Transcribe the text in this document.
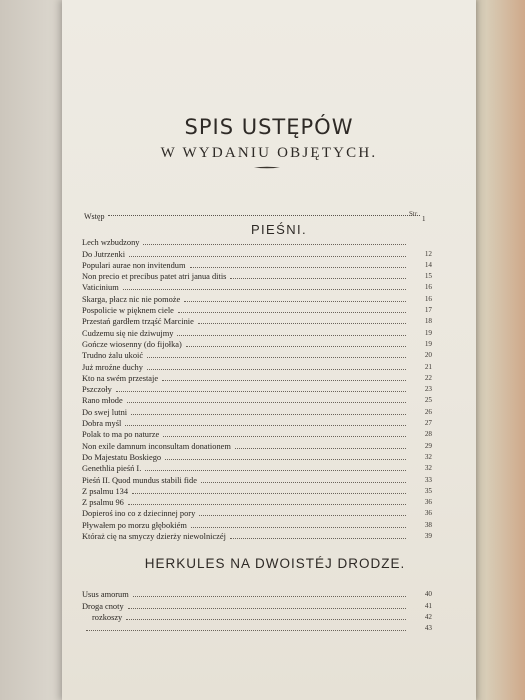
SPIS USTĘPÓW
W WYDANIU OBJĘTYCH.
Str.
Wstęp	1
PIEŚNI.
Lech wzbudzony
Do Jutrzenki	12
Populari aurae non invitendum	14
Non precio et precibus patet atri janua ditis	15
Vaticinium	16
Skarga, płacz nic nie pomoże	16
Pospolicie w pięknem ciele	17
Przestań gardłem trząść Marcinie	18
Cudzemu się nie dziwujmy	19
Gończe wiosenny (do fijołka)	19
Trudno żalu ukoić	20
Już mroźne duchy	21
Kto na swém przestaje	22
Pszczoły	23
Rano młode	25
Do swej lutni	26
Dobra myśl	27
Polak to ma po naturze	28
Non exile damnum inconsultam donationem	29
Do Majestatu Boskiego	32
Genethlia pieśń I.	32
Pieśń II. Quod mundus stabili fide	33
Z psalmu 134	35
Z psalmu 96	36
Dopieroś ino co z dziecinnej pory	36
Pływałem po morzu głębokiém	38
Któraż cię na smyczy dzierży niewolniczéj	39
HERKULES NA DWOISTÉJ DRODZE.
Usus amorum	40
Droga cnoty	41
rozkoszy	42
43
